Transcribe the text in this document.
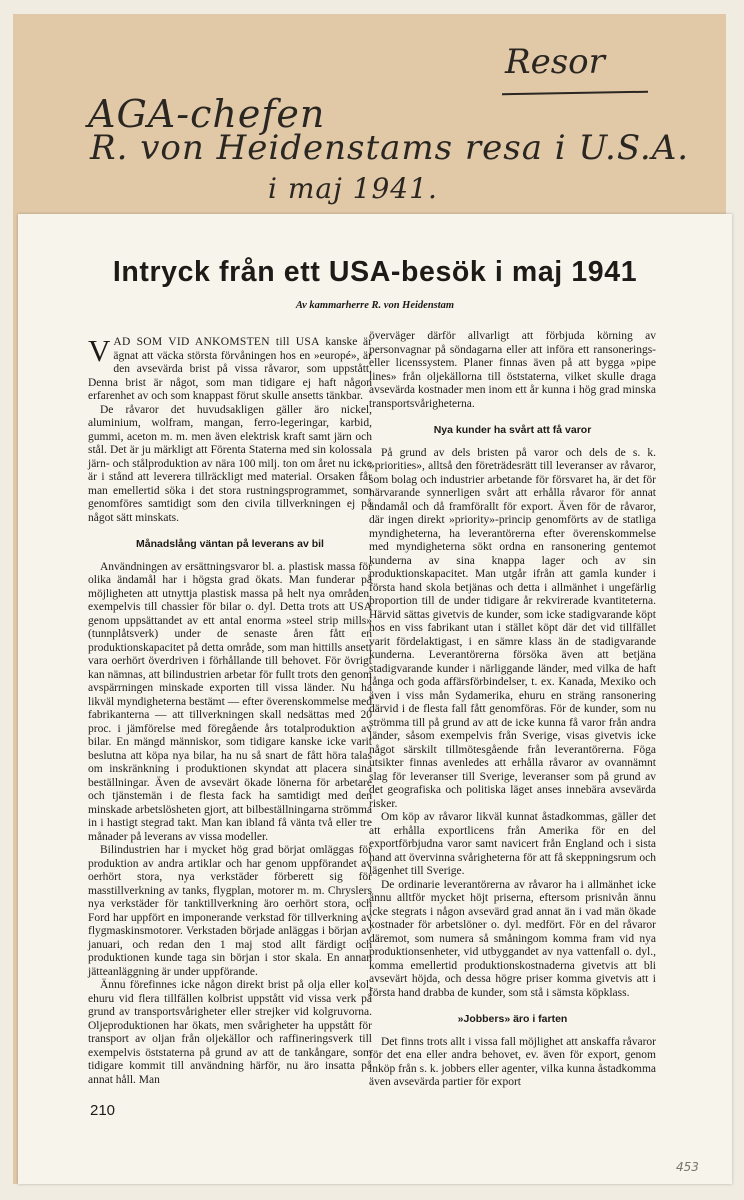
Resor
AGA-chefen
R. von Heidenstams resa i U.S.A.
i maj 1941.
Intryck från ett USA-besök i maj 1941
Av kammarherre R. von Heidenstam

VAD SOM VID ANKOMSTEN till USA kanske är ägnat att väcka största förvåningen hos en »europé», är den avsevärda brist på vissa råvaror, som uppstått. Denna brist är något, som man tidigare ej haft någon erfarenhet av och som knappast förut skulle ansetts tänkbar.

De råvaror det huvudsakligen gäller äro nickel, aluminium, wolfram, mangan, ferro-legeringar, karbid, gummi, aceton m. m. men även elektrisk kraft samt järn och stål. Det är ju märkligt att Förenta Staterna med sin kolossala järn- och stålproduktion av nära 100 milj. ton om året nu icke är i stånd att leverera tillräckligt med material. Orsaken får man emellertid söka i det stora rustningsprogrammet, som genomföres samtidigt som den civila tillverkningen ej på något sätt minskats.

Månadslång väntan på leverans av bil

Användningen av ersättningsvaror bl. a. plastisk massa för olika ändamål har i högsta grad ökats. Man funderar på möjligheten att utnyttja plastisk massa på helt nya områden, exempelvis till chassier för bilar o. dyl. Detta trots att USA genom uppsättandet av ett antal enorma »steel strip mills» (tunnplåtsverk) under de senaste åren fått en produktionskapacitet på detta område, som man hittills ansett vara oerhört överdriven i förhållande till behovet. För övrigt kan nämnas, att bilindustrien arbetar för fullt trots den genom avspärrningen minskade exporten till vissa länder. Nu ha likväl myndigheterna bestämt — efter överenskommelse med fabrikanterna — att tillverkningen skall nedsättas med 20 proc. i jämförelse med föregående års totalproduktion av bilar. En mängd människor, som tidigare kanske icke varit beslutna att köpa nya bilar, ha nu så snart de fått höra talas om inskränkning i produktionen skyndat att placera sina beställningar. Även de avsevärt ökade lönerna för arbetare och tjänstemän i de flesta fack ha samtidigt med den minskade arbetslösheten gjort, att bilbeställningarna strömma in i hastigt stegrad takt. Man kan ibland få vänta två eller tre månader på leverans av vissa modeller.

Bilindustrien har i mycket hög grad börjat omläggas för produktion av andra artiklar och har genom uppförandet av oerhört stora, nya verkstäder förberett sig för masstillverkning av tanks, flygplan, motorer m. m. Chryslers nya verkstäder för tanktillverkning äro oerhört stora, och Ford har uppfört en imponerande verkstad för tillverkning av flygmaskinsmotorer. Verkstaden började anläggas i början av januari, och redan den 1 maj stod allt färdigt och produktionen kunde taga sin början i stor skala. En annan jätteanläggning är under uppförande.

Ännu förefinnes icke någon direkt brist på olja eller kol, ehuru vid flera tillfällen kolbrist uppstått vid vissa verk på grund av transportsvårigheter eller strejker vid kolgruvorna. Oljeproduktionen har ökats, men svårigheter ha uppstått för transport av oljan från oljekällor och raffineringsverk till exempelvis öststaterna på grund av att de tankångare, som tidigare kommit till användning härför, nu äro insatta på annat håll. Man

överväger därför allvarligt att förbjuda körning av personvagnar på söndagarna eller att införa ett ransonerings- eller licenssystem. Planer finnas även på att bygga »pipe lines» från oljekällorna till öststaterna, vilket skulle draga avsevärda kostnader men inom ett år kunna i hög grad minska transportsvårigheterna.

Nya kunder ha svårt att få varor

På grund av dels bristen på varor och dels de s. k. »priorities», alltså den företrädesrätt till leveranser av råvaror, som bolag och industrier arbetande för försvaret ha, är det för närvarande synnerligen svårt att erhålla råvaror för annat ändamål och då framförallt för export. Även för de råvaror, där ingen direkt »priority»-princip genomförts av de statliga myndigheterna, ha leverantörerna efter överenskommelse med myndigheterna sökt ordna en ransonering gentemot kunderna av sina knappa lager och av sin produktionskapacitet. Man utgår ifrån att gamla kunder i första hand skola betjänas och detta i allmänhet i ungefärlig proportion till de under tidigare år rekvirerade kvantiteterna. Härvid sättas givetvis de kunder, som icke stadigvarande köpt hos en viss fabrikant utan i stället köpt där det vid tillfället varit fördelaktigast, i en sämre klass än de stadigvarande kunderna. Leverantörerna försöka även att betjäna stadigvarande kunder i närliggande länder, med vilka de haft långa och goda affärsförbindelser, t. ex. Kanada, Mexiko och även i viss mån Sydamerika, ehuru en sträng ransonering därvid i de flesta fall fått genomföras. För de kunder, som nu strömma till på grund av att de icke kunna få varor från andra länder, såsom exempelvis från Sverige, visas givetvis icke något särskilt tillmötesgående från leverantörerna. Föga utsikter finnas avenledes att erhålla råvaror av ovannämnt slag för leveranser till Sverige, leveranser som på grund av det geografiska och politiska läget anses innebära avsevärda risker.

Om köp av råvaror likväl kunnat åstadkommas, gäller det att erhålla exportlicens från Amerika för en del exportförbjudna varor samt navicert från England och i sista hand att övervinna svårigheterna för att få skeppningsrum och lägenhet till Sverige.

De ordinarie leverantörerna av råvaror ha i allmänhet icke ännu alltför mycket höjt priserna, eftersom prisnivån ännu icke stegrats i någon avsevärd grad annat än i vad män ökade kostnader för arbetslöner o. dyl. medfört. För en del råvaror däremot, som numera så småningom komma fram vid nya produktionsenheter, vid utbyggandet av nya vattenfall o. dyl., komma emellertid produktionskostnaderna givetvis att bli avsevärt höjda, och dessa högre priser komma givetvis att i första hand drabba de kunder, som stå i sämsta köpklass.

»Jobbers» äro i farten

Det finns trots allt i vissa fall möjlighet att anskaffa råvaror för det ena eller andra behovet, ev. även för export, genom inköp från s. k. jobbers eller agenter, vilka kunna åstadkomma även avsevärda partier för export

210
453
